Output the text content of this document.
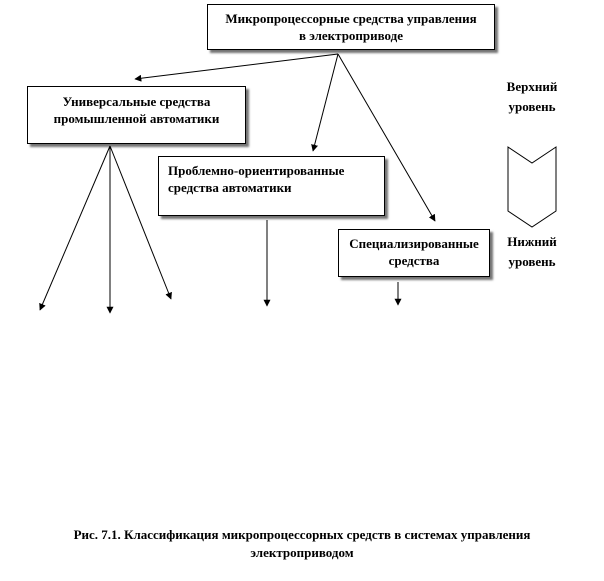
Микропроцессорные средства управления
в электроприводе
Универсальные средства
промышленной автоматики
Проблемно-ориентированные
средства автоматики
Специализированные
средства
Верхний
уровень
Нижний
уровень
Рис. 7.1. Классификация микропроцессорных средств в системах управления
электроприводом
